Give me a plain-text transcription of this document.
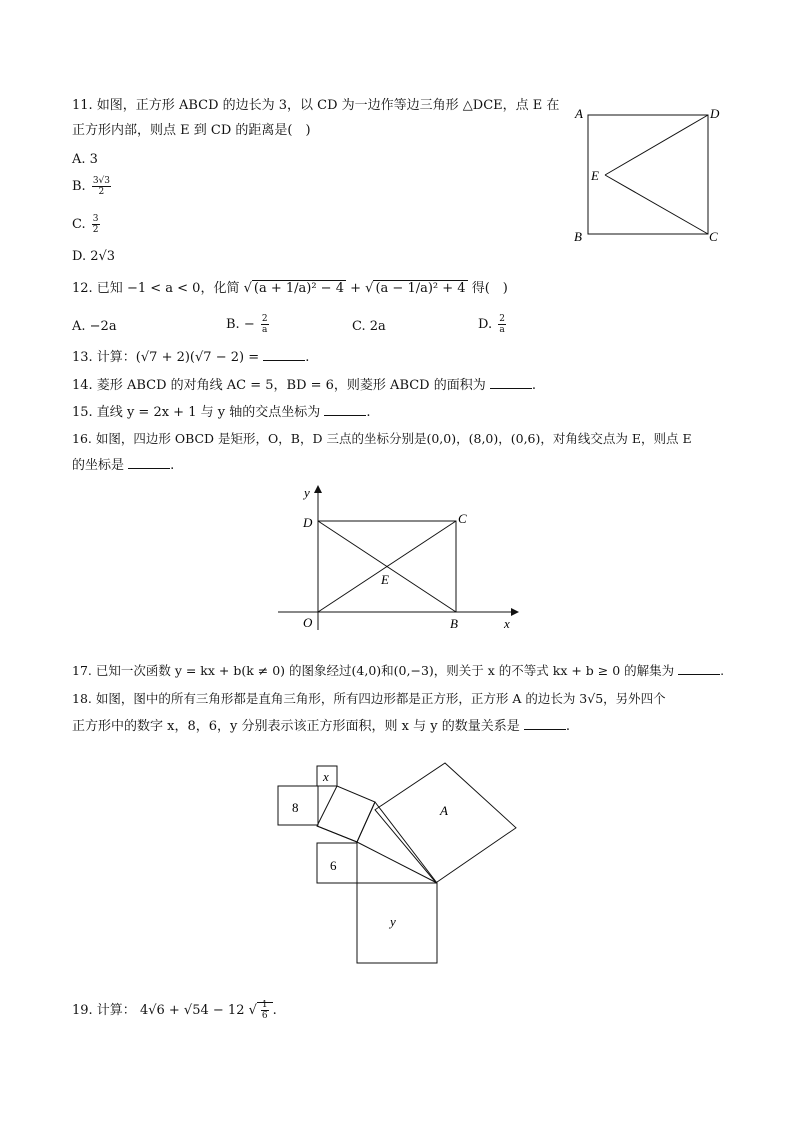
11. 如图，正方形 ABCD 的边长为 3，以 CD 为一边作等边三角形 △DCE，点 E 在
正方形内部，则点 E 到 CD 的距离是(　)
A. 3
B. $\frac{3√3}{2}$
C. $\frac{3}{2}$
D. 2√3
A	D
E
B	C
12. 已知 −1 < a < 0，化简 √ (a + 1/a)² − 4 + √ (a − 1/a)² + 4 得(　)
A. −2a	B. − $\frac{2}{a}$	C. 2a	D. $\frac{2}{a}$
13. 计算：(√7 + 2)(√7 − 2) =	.
14. 菱形 ABCD 的对角线 AC = 5，BD = 6，则菱形 ABCD 的面积为	.
15. 直线 y = 2x + 1 与 y 轴的交点坐标为	.
16. 如图，四边形 OBCD 是矩形，O，B，D 三点的坐标分别是(0,0)，(8,0)，(0,6)，对角线交点为 E，则点 E
的坐标是	.
y
x
D	C
E
O	B
17. 已知一次函数 y = kx + b(k ≠ 0) 的图象经过(4,0)和(0,−3)，则关于 x 的不等式 kx + b ≥ 0 的解集为	.
18. 如图，图中的所有三角形都是直角三角形，所有四边形都是正方形，正方形 A 的边长为 3√5，另外四个
正方形中的数字 x，8，6，y 分别表示该正方形面积，则 x 与 y 的数量关系是	.
x
8
6
A
y
19. 计算： 4√6 + √54 − 12 √ $\frac{1}{6}$ .
